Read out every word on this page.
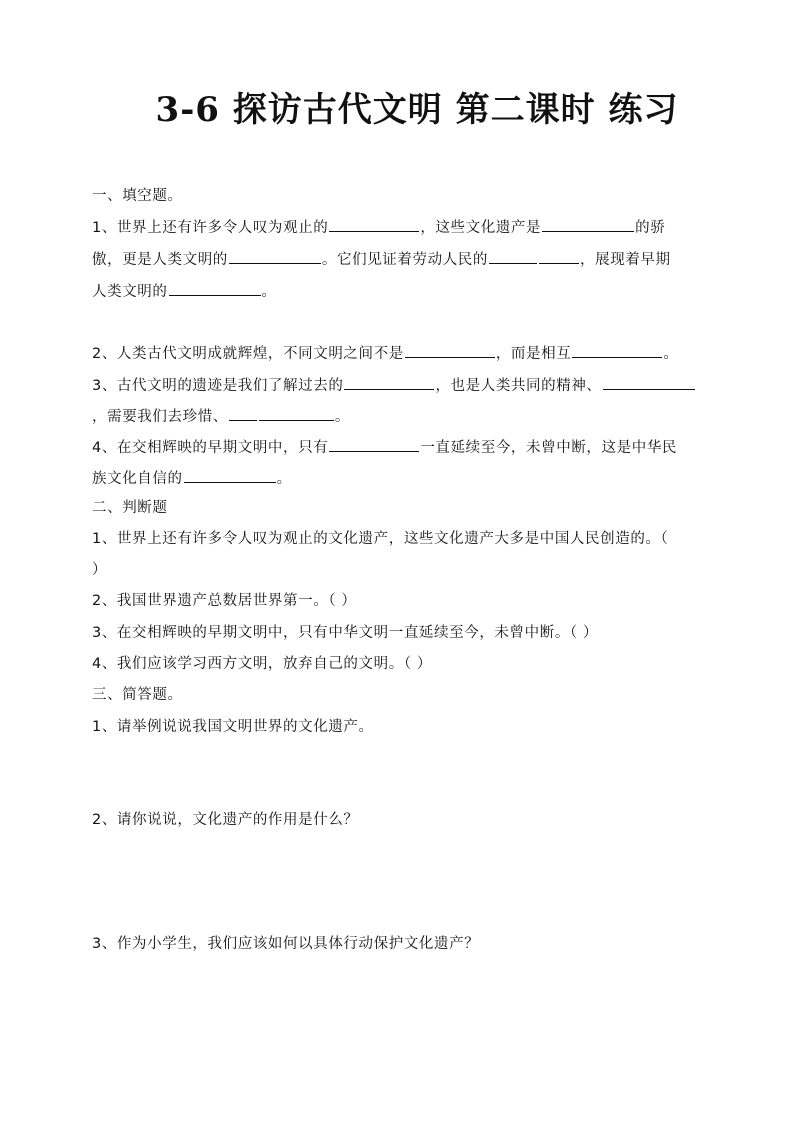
3-6 探访古代文明 第二课时 练习
一、填空题。
1、世界上还有许多令人叹为观止的	，这些文化遗产是	的骄
傲，更是人类文明的	。它们见证着劳动人民的	，展现着早期
人类文明的	。
2、人类古代文明成就辉煌，不同文明之间不是	，而是相互	。
3、古代文明的遗迹是我们了解过去的	，也是人类共同的精神、
，需要我们去珍惜、	。
4、在交相辉映的早期文明中，只有	一直延续至今，未曾中断，这是中华民
族文化自信的	。
二、判断题
1、世界上还有许多令人叹为观止的文化遗产，这些文化遗产大多是中国人民创造的。（
）
2、我国世界遗产总数居世界第一。（ ）
3、在交相辉映的早期文明中，只有中华文明一直延续至今，未曾中断。（ ）
4、我们应该学习西方文明，放弃自己的文明。（ ）
三、简答题。
1、请举例说说我国文明世界的文化遗产。
2、请你说说，文化遗产的作用是什么？
3、作为小学生，我们应该如何以具体行动保护文化遗产？
